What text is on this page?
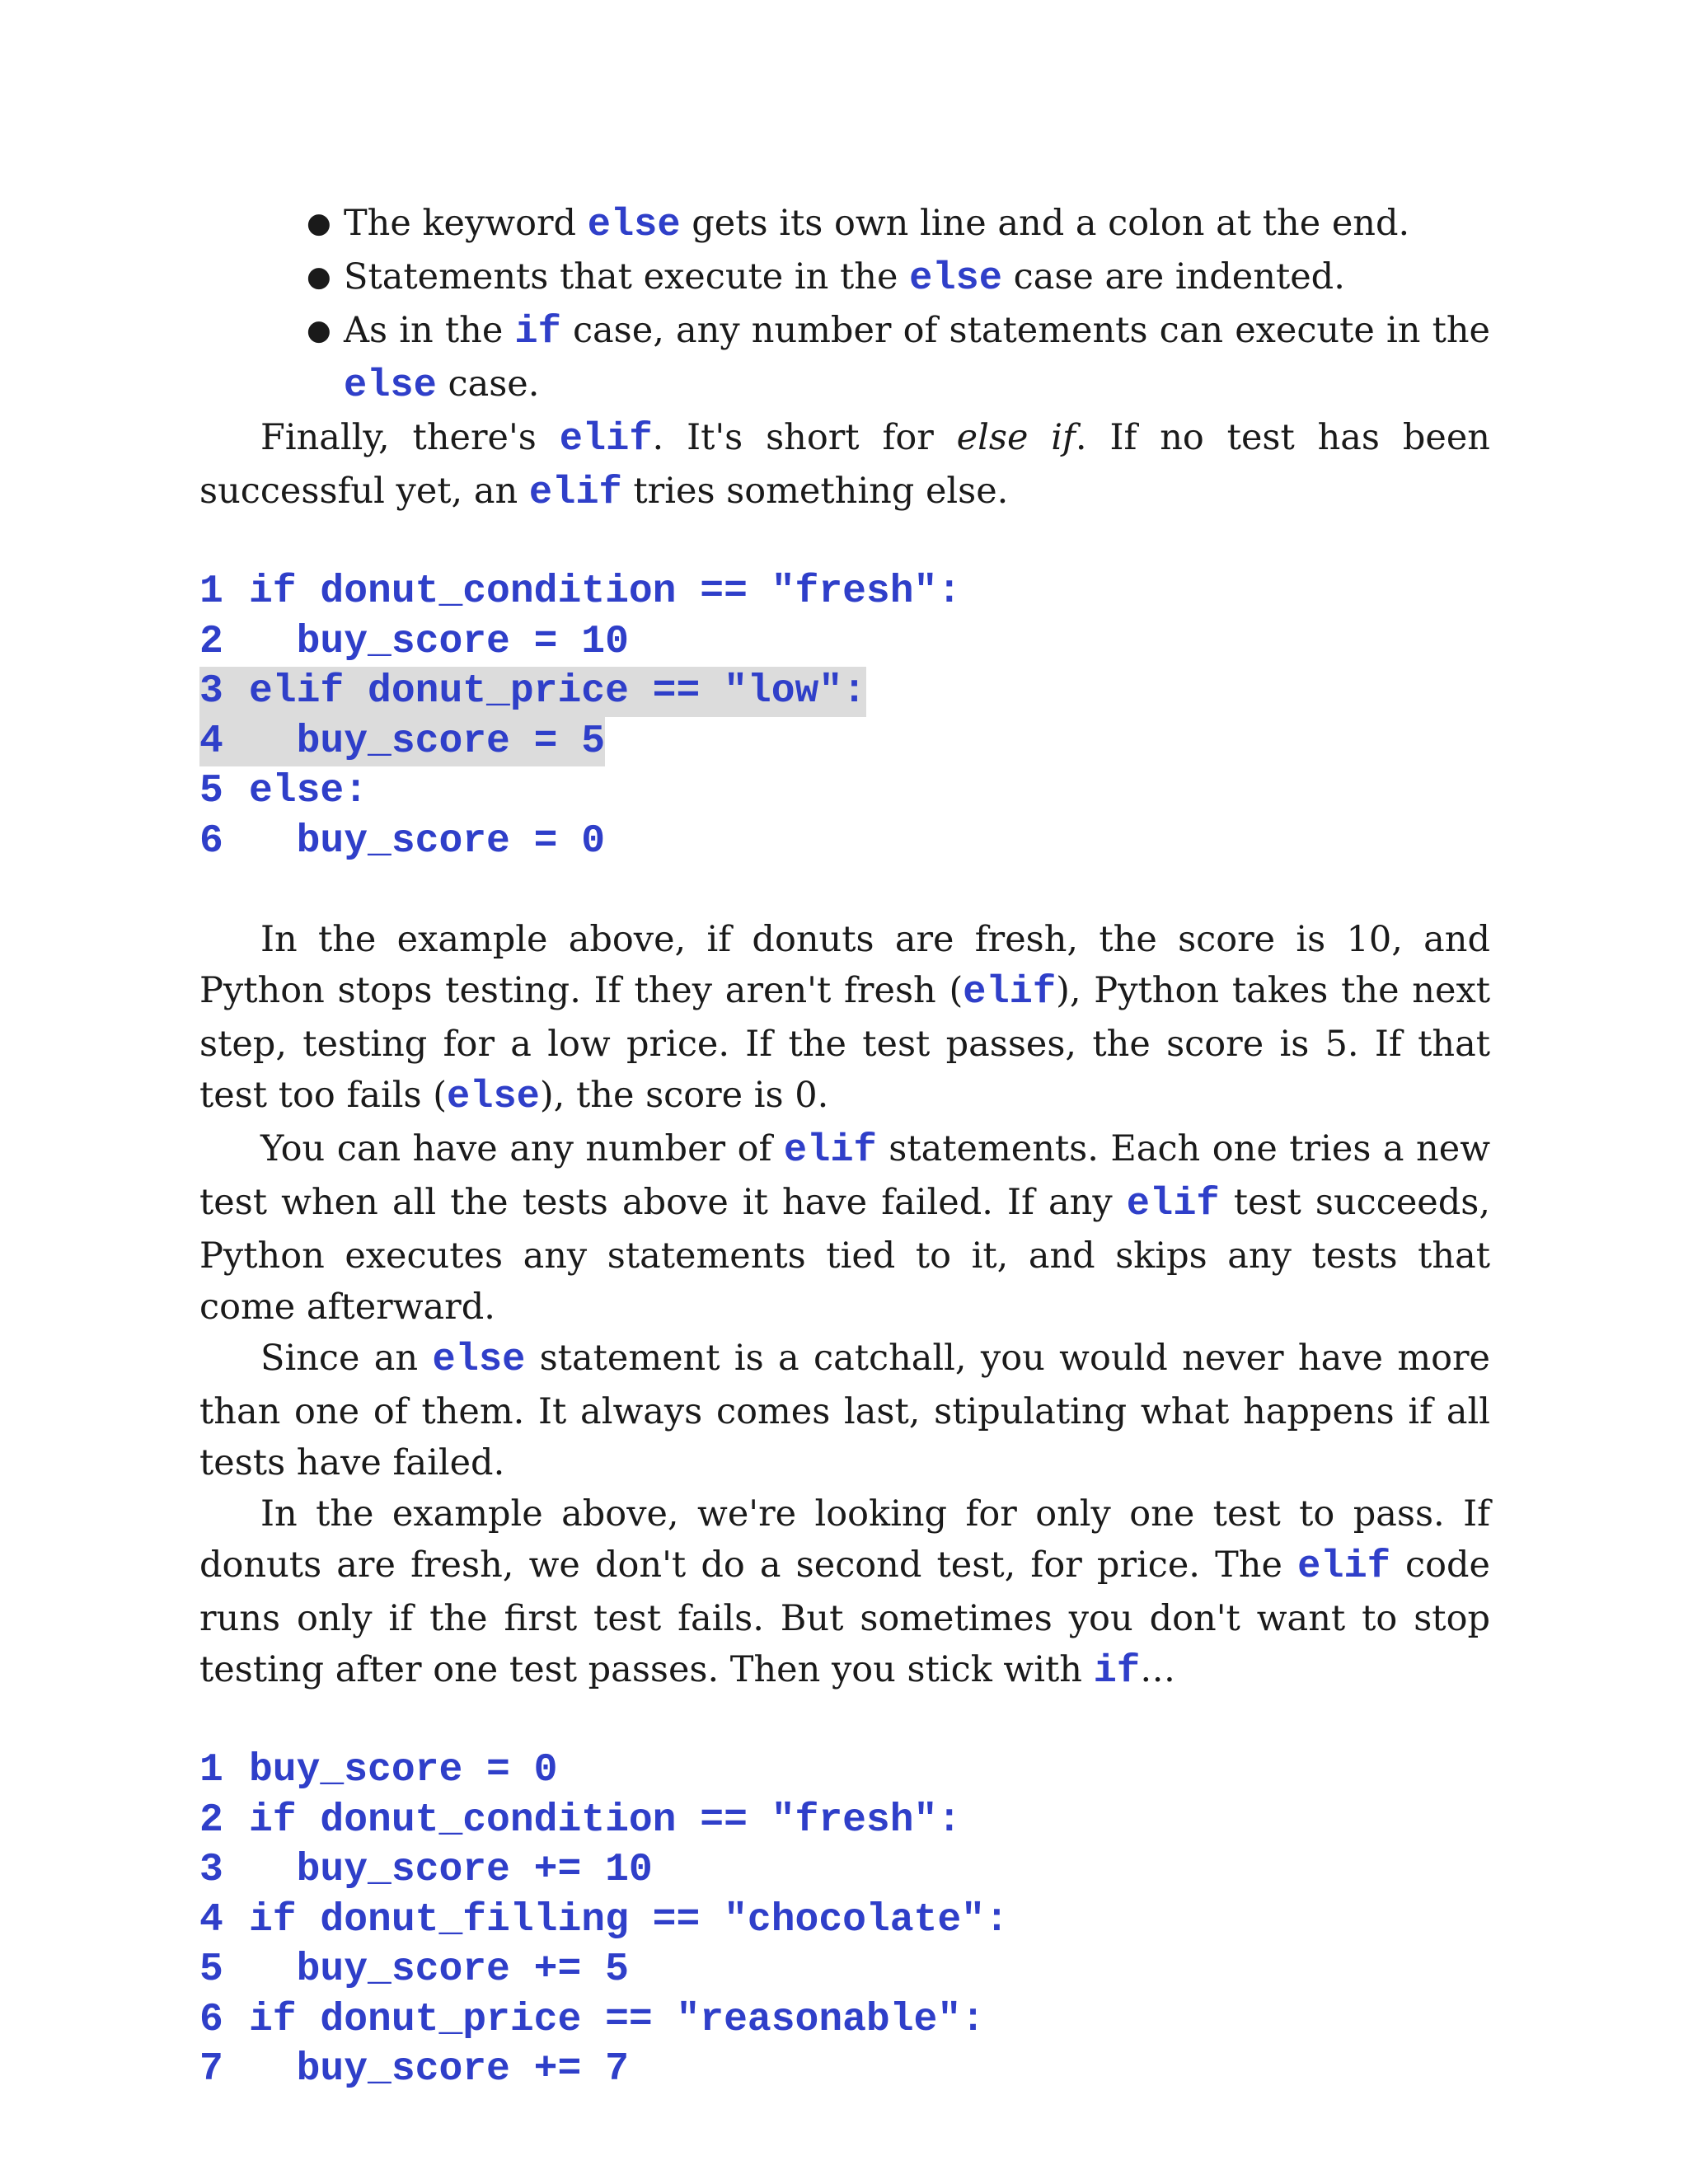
● The keyword else gets its own line and a colon at the end.
● Statements that execute in the else case are indented.
● As in the if case, any number of statements can execute in the else case.

Finally, there's elif. It's short for else if. If no test has been successful yet, an elif tries something else.

1 if donut_condition == "fresh":
2 buy_score = 10
3 elif donut_price == "low":
4 buy_score = 5
5 else:
6 buy_score = 0

In the example above, if donuts are fresh, the score is 10, and Python stops testing. If they aren't fresh (elif), Python takes the next step, testing for a low price. If the test passes, the score is 5. If that test too fails (else), the score is 0.

You can have any number of elif statements. Each one tries a new test when all the tests above it have failed. If any elif test succeeds, Python executes any statements tied to it, and skips any tests that come afterward.

Since an else statement is a catchall, you would never have more than one of them. It always comes last, stipulating what happens if all tests have failed.

In the example above, we're looking for only one test to pass. If donuts are fresh, we don't do a second test, for price. The elif code runs only if the first test fails. But sometimes you don't want to stop testing after one test passes. Then you stick with if…

1 buy_score = 0
2 if donut_condition == "fresh":
3 buy_score += 10
4 if donut_filling == "chocolate":
5 buy_score += 5
6 if donut_price == "reasonable":
7 buy_score += 7
